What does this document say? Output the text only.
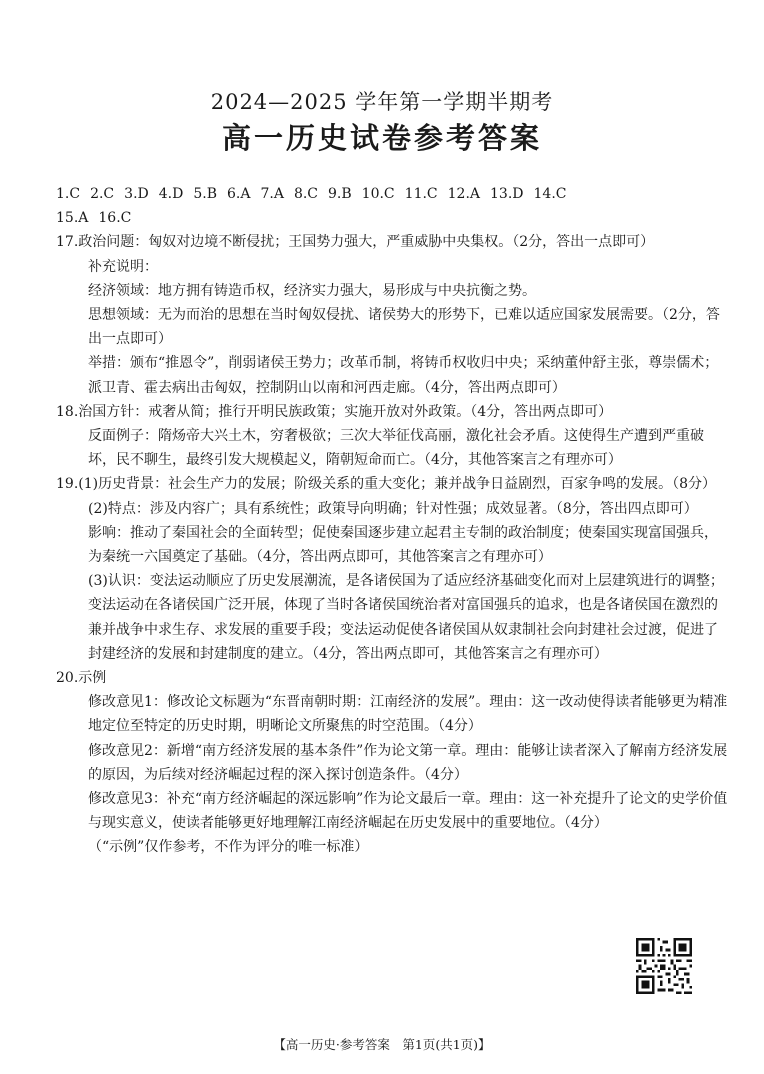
2024—2025 学年第一学期半期考
高一历史试卷参考答案

1.C 2.C 3.D 4.D 5.B 6.A 7.A 8.C 9.B 10.C 11.C 12.A 13.D 14.C

15.A 16.C

17.政治问题：匈奴对边境不断侵扰；王国势力强大，严重威胁中央集权。（2分，答出一点即可）

补充说明：

经济领域：地方拥有铸造币权，经济实力强大，易形成与中央抗衡之势。

思想领域：无为而治的思想在当时匈奴侵扰、诸侯势大的形势下，已难以适应国家发展需要。（2分，答出一点即可）

举措：颁布“推恩令”，削弱诸侯王势力；改革币制，将铸币权收归中央；采纳董仲舒主张，尊崇儒术；派卫青、霍去病出击匈奴，控制阴山以南和河西走廊。（4分，答出两点即可）

18.治国方针：戒奢从简；推行开明民族政策；实施开放对外政策。（4分，答出两点即可）

反面例子：隋炀帝大兴土木，穷奢极欲；三次大举征伐高丽，激化社会矛盾。这使得生产遭到严重破坏，民不聊生，最终引发大规模起义，隋朝短命而亡。（4分，其他答案言之有理亦可）

19.(1)历史背景：社会生产力的发展；阶级关系的重大变化；兼并战争日益剧烈，百家争鸣的发展。（8分）

(2)特点：涉及内容广；具有系统性；政策导向明确；针对性强；成效显著。（8分，答出四点即可）

影响：推动了秦国社会的全面转型；促使秦国逐步建立起君主专制的政治制度；使秦国实现富国强兵，为秦统一六国奠定了基础。（4分，答出两点即可，其他答案言之有理亦可）

(3)认识：变法运动顺应了历史发展潮流，是各诸侯国为了适应经济基础变化而对上层建筑进行的调整；变法运动在各诸侯国广泛开展，体现了当时各诸侯国统治者对富国强兵的追求，也是各诸侯国在激烈的兼并战争中求生存、求发展的重要手段；变法运动促使各诸侯国从奴隶制社会向封建社会过渡，促进了封建经济的发展和封建制度的建立。（4分，答出两点即可，其他答案言之有理亦可）

20.示例

修改意见1：修改论文标题为“东晋南朝时期：江南经济的发展”。理由：这一改动使得读者能够更为精准地定位至特定的历史时期，明晰论文所聚焦的时空范围。（4分）

修改意见2：新增“南方经济发展的基本条件”作为论文第一章。理由：能够让读者深入了解南方经济发展的原因，为后续对经济崛起过程的深入探讨创造条件。（4分）

修改意见3：补充“南方经济崛起的深远影响”作为论文最后一章。理由：这一补充提升了论文的史学价值与现实意义，使读者能够更好地理解江南经济崛起在历史发展中的重要地位。（4分）

（“示例”仅作参考，不作为评分的唯一标准）

【高一历史·参考答案　第1页(共1页)】
